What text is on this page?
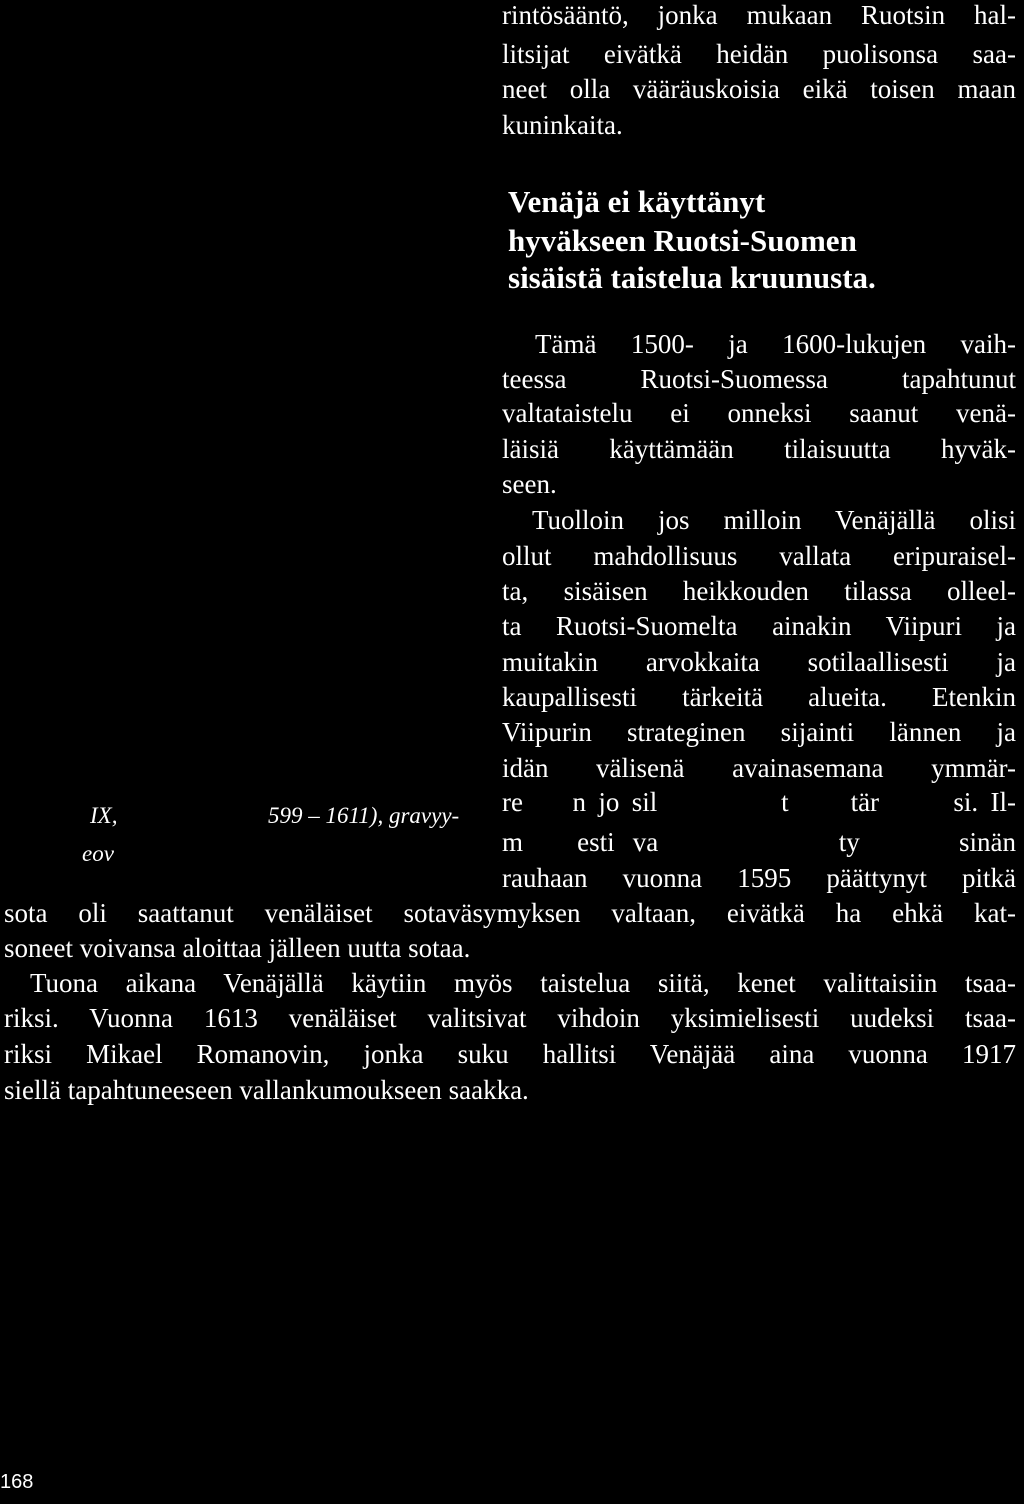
rintösääntö, jonka mukaan Ruotsin hal-

litsijat eivätkä heidän puolisonsa saa-

neet olla vääräuskoisia eikä toisen maan

kuninkaita.

Venäjä ei käyttänyt
hyväkseen Ruotsi-Suomen
sisäistä taistelua kruunusta.

Tämä 1500- ja 1600-lukujen vaih-

teessa Ruotsi-Suomessa tapahtunut

valtataistelu ei onneksi saanut venä-

läisiä käyttämään tilaisuutta hyväk-

seen.

Tuolloin jos milloin Venäjällä olisi

ollut mahdollisuus vallata eripuraisel-

ta, sisäisen heikkouden tilassa olleel-

ta Ruotsi-Suomelta ainakin Viipuri ja

muitakin arvokkaita sotilaallisesti ja

kaupallisesti tärkeitä alueita. Etenkin

Viipurin strateginen sijainti lännen ja

idän välisenä avainasemana ymmär-

re    n jo sil          t     tär      si. Il-

m      esti  va                    ty           sinän

rauhaan vuonna 1595 päättynyt pitkä

sota oli saattanut venäläiset sotaväsymyksen valtaan, eivätkä ha ehkä kat-

soneet voivansa aloittaa jälleen uutta sotaa.

Tuona aikana Venäjällä käytiin myös taistelua siitä, kenet valittaisiin tsaa-

riksi. Vuonna 1613 venäläiset valitsivat vihdoin yksimielisesti uudeksi tsaa-

riksi Mikael Romanovin, jonka suku hallitsi Venäjää aina vuonna 1917

siellä tapahtuneeseen vallankumoukseen saakka.

IX,	599 – 1611), gravyy-
eov
168
